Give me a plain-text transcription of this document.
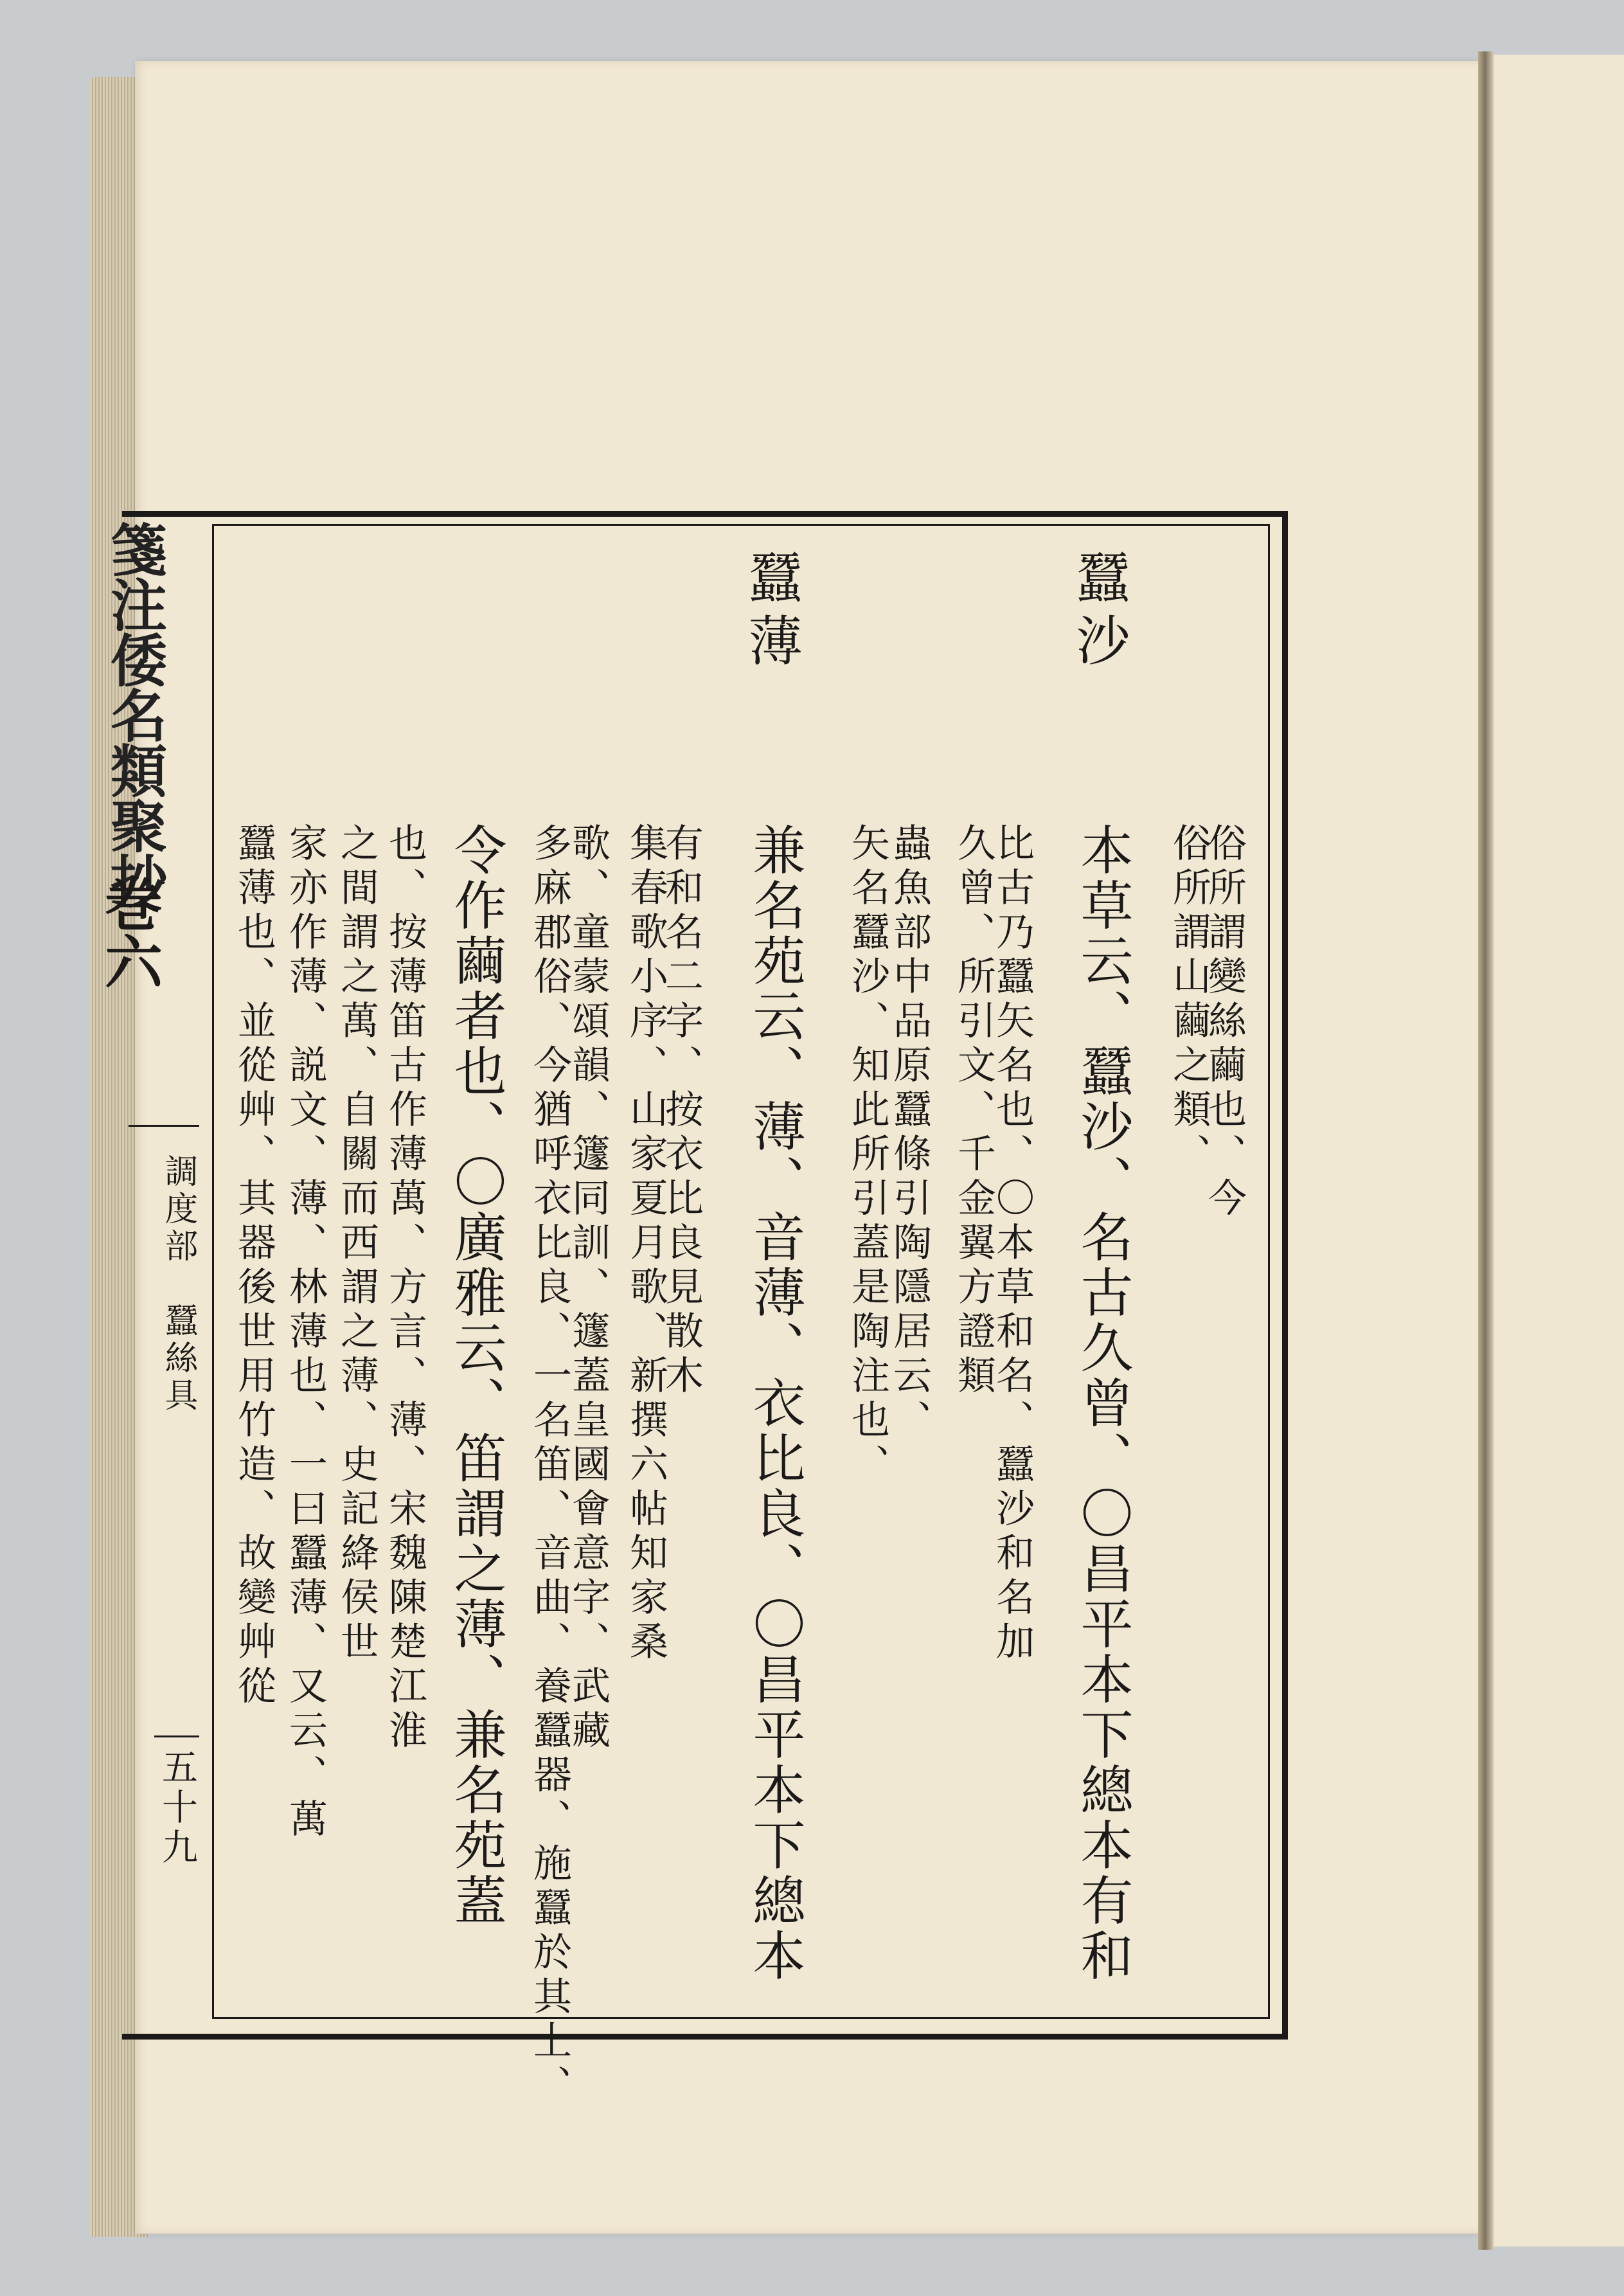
箋注倭名類聚抄
巻六
調度部　蠶絲具
五十九
蠶沙
俗所謂變絲繭也、今
俗所謂山繭之類、
本草云、蠶沙、名古久曾、〇昌平本下總本有和
比古乃蠶矢名也、〇本草和名、蠶沙和名加
久曾、所引文、千金翼方證類
蟲魚部中品原蠶條引陶隱居云、
矢名蠶沙、知此所引蓋是陶注也、
蠶薄
兼名苑云、薄、音薄、衣比良、〇昌平本下總本
有和名二字、按衣比良見散木
集春歌小序、山家夏月歌、新撰六帖知家桑
歌、童蒙頌韻、籧同訓、籧蓋皇國會意字、武藏
多麻郡俗、今猶呼衣比良、一名笛、音曲、養蠶器、施蠶於其上、
令作繭者也、〇廣雅云、笛謂之薄、兼名苑蓋
也、按薄笛古作薄萬、方言、薄、宋魏陳楚江淮
之間謂之萬、自關而西謂之薄、史記絳侯世
家亦作薄、説文、薄、林薄也、一曰蠶薄、又云、萬
蠶薄也、並從艸、其器後世用竹造、故變艸從
